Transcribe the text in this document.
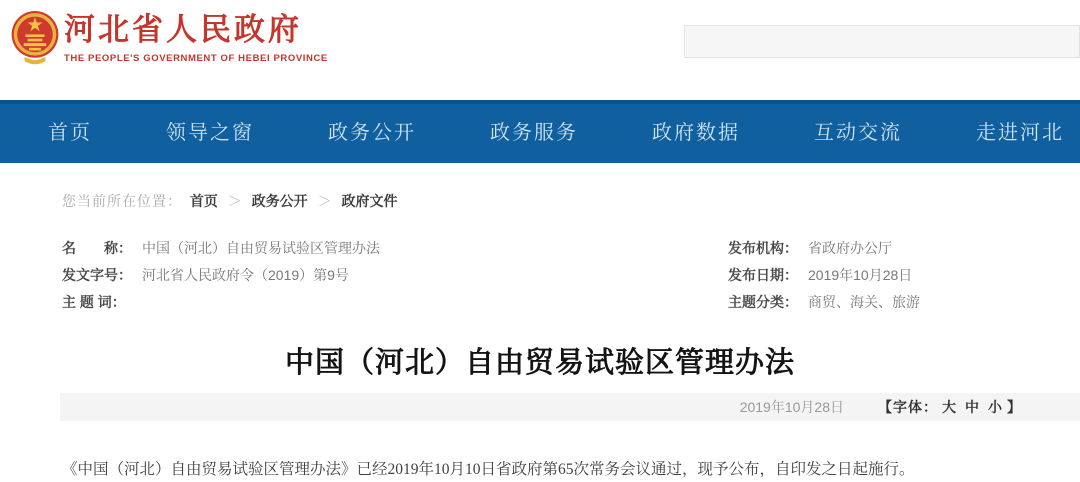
河北省人民政府
THE PEOPLE'S GOVERNMENT OF HEBEI PROVINCE
首页	领导之窗	政务公开	政务服务	政府数据	互动交流	走进河北
您当前所在位置： 首页 ＞ 政务公开 ＞ 政府文件
名　　称： 中国（河北）自由贸易试验区管理办法
发文字号： 河北省人民政府令（2019）第9号
主 题 词：
发布机构： 省政府办公厅
发布日期： 2019年10月28日
主题分类： 商贸、海关、旅游
中国（河北）自由贸易试验区管理办法
2019年10月28日 【字体： 大 中 小 】

《中国（河北）自由贸易试验区管理办法》已经2019年10月10日省政府第65次常务会议通过，现予公布，自印发之日起施行。
